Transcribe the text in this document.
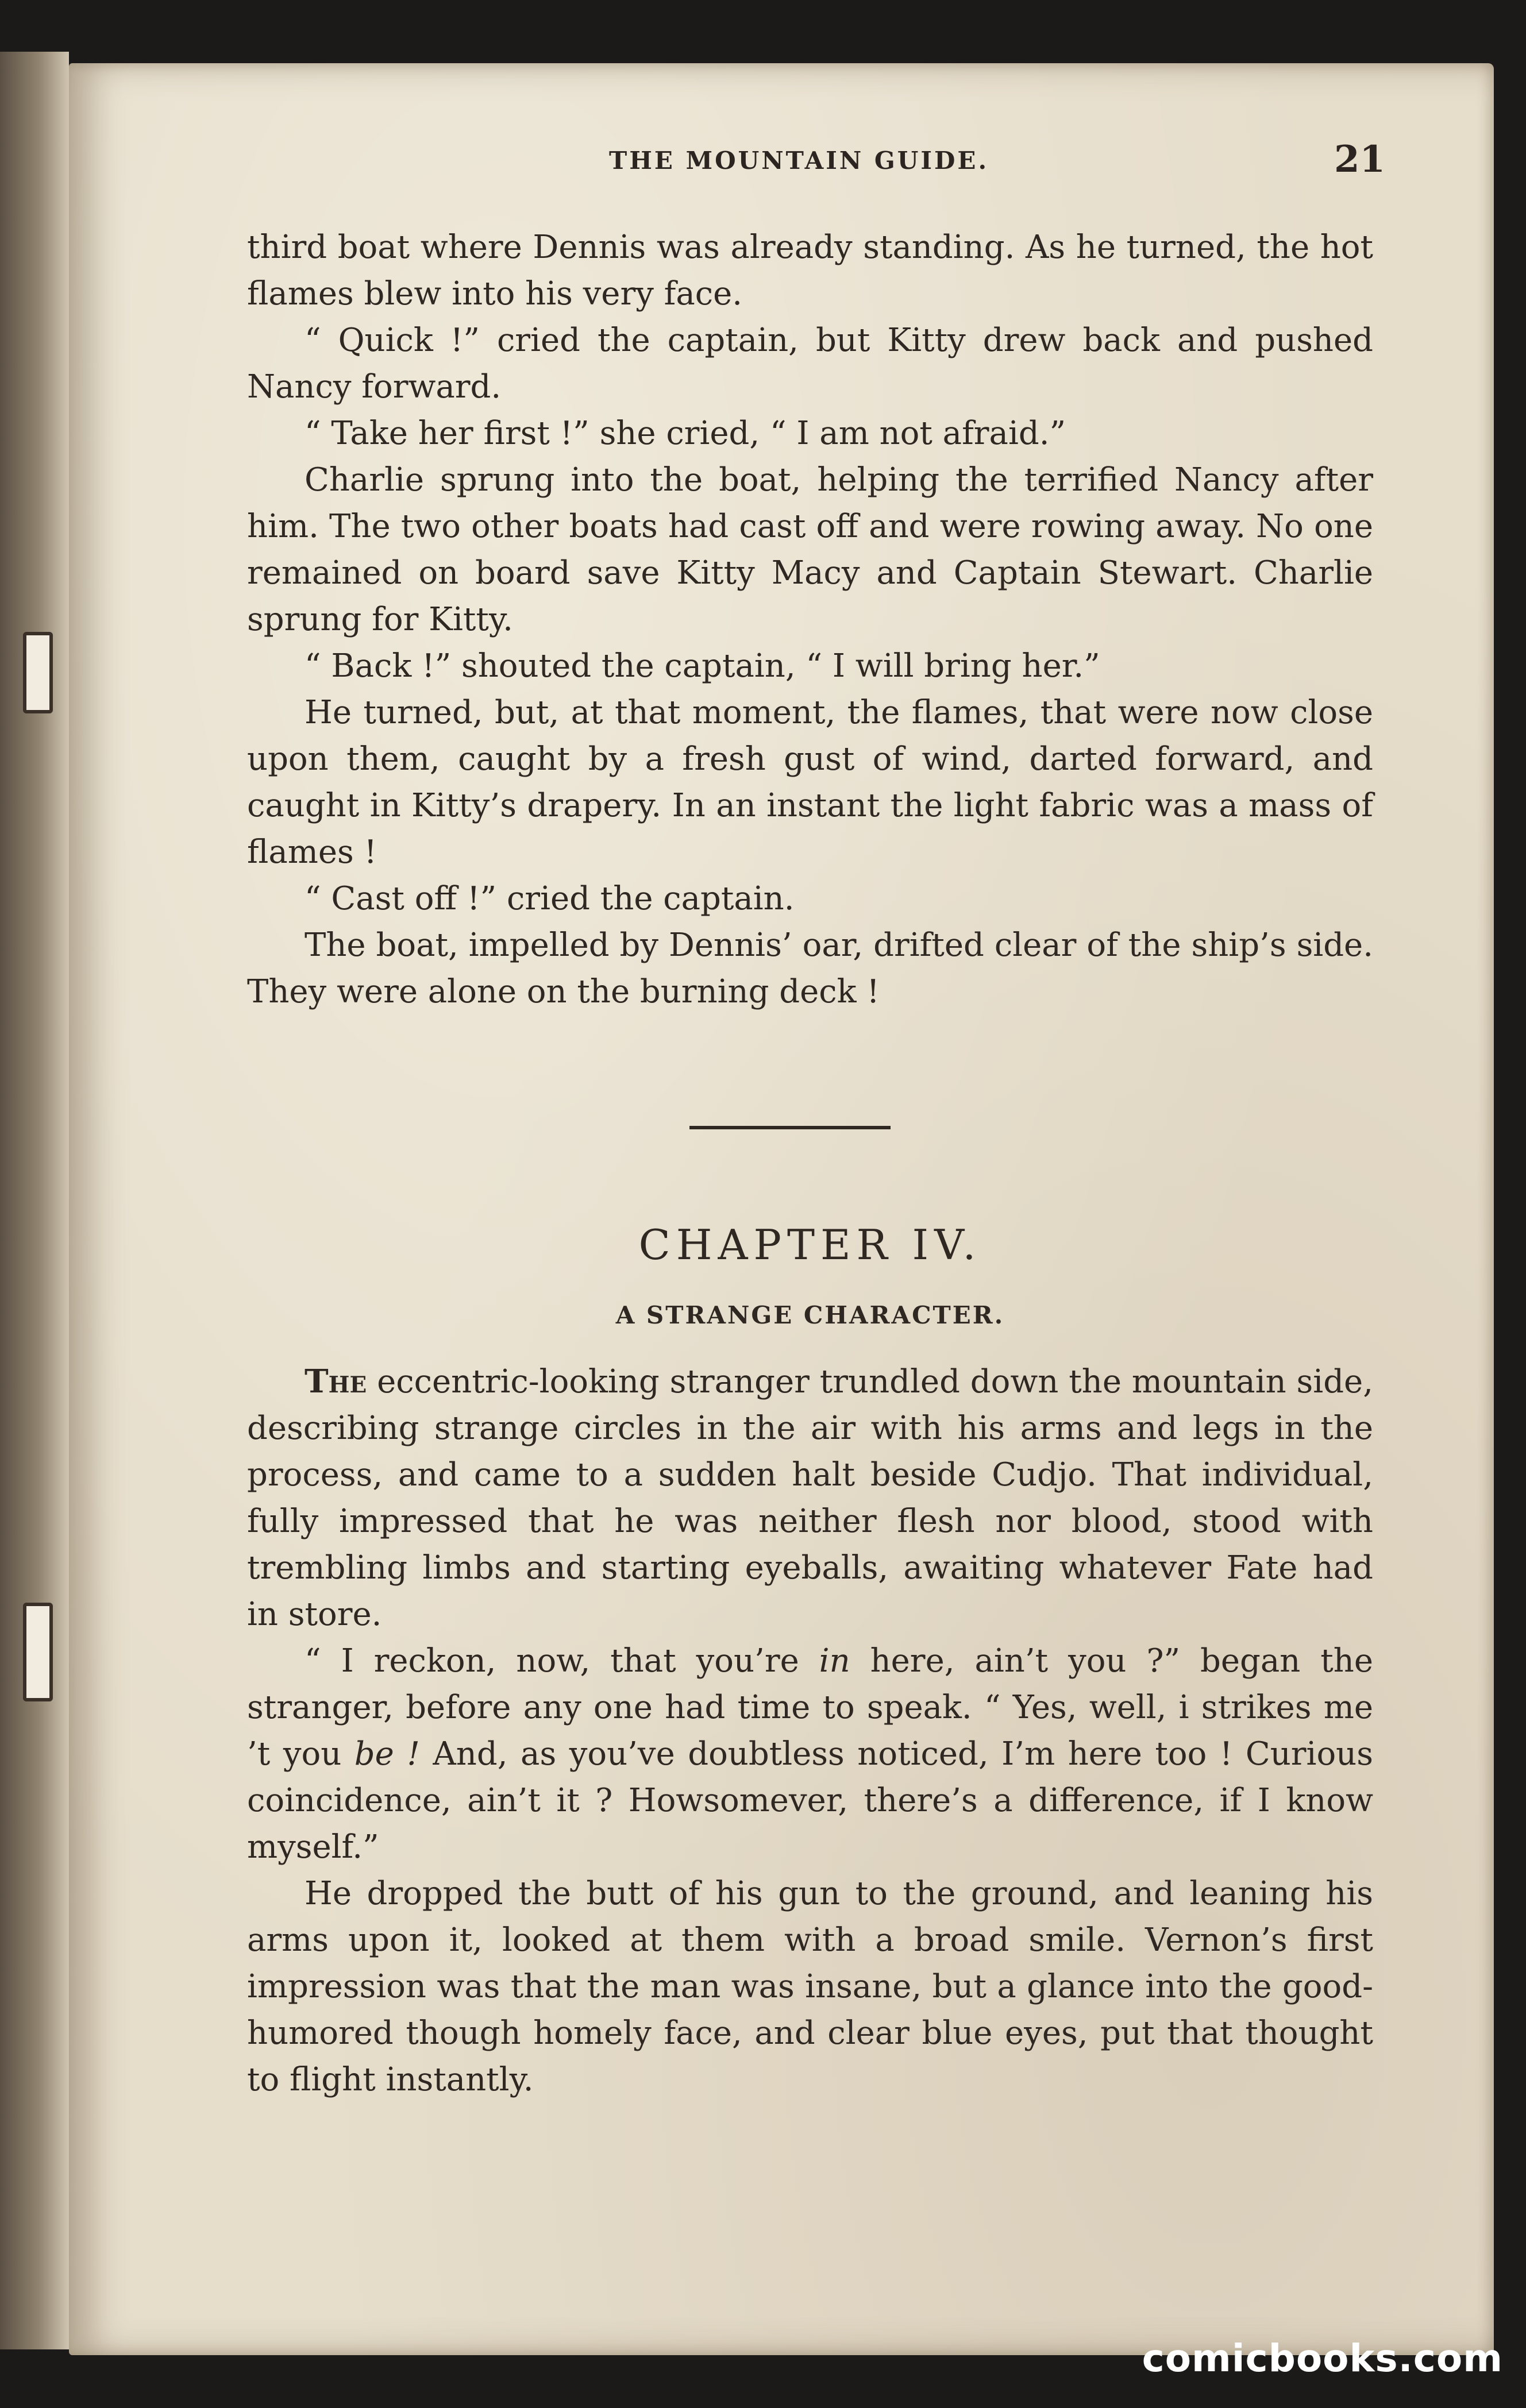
THE MOUNTAIN GUIDE.	21

third boat where Dennis was already standing. As he turned, the hot flames blew into his very face.

“ Quick !” cried the captain, but Kitty drew back and pushed Nancy forward.

“ Take her first !” she cried, “ I am not afraid.”

Charlie sprung into the boat, helping the terrified Nancy after him. The two other boats had cast off and were rowing away. No one remained on board save Kitty Macy and Captain Stewart. Charlie sprung for Kitty.

“ Back !” shouted the captain, “ I will bring her.”

He turned, but, at that moment, the flames, that were now close upon them, caught by a fresh gust of wind, darted forward, and caught in Kitty’s drapery. In an instant the light fabric was a mass of flames !

“ Cast off !” cried the captain.

The boat, impelled by Dennis’ oar, drifted clear of the ship’s side. They were alone on the burning deck !

CHAPTER IV.
A STRANGE CHARACTER.

The eccentric-looking stranger trundled down the mountain side, describing strange circles in the air with his arms and legs in the process, and came to a sudden halt beside Cudjo. That individual, fully impressed that he was neither flesh nor blood, stood with trembling limbs and starting eyeballs, awaiting whatever Fate had in store.

“ I reckon, now, that you’re in here, ain’t you ?” began the stranger, before any one had time to speak. “ Yes, well, i strikes me ’t you be ! And, as you’ve doubtless noticed, I’m here too ! Curious coincidence, ain’t it ? Howsomever, there’s a difference, if I know myself.”

He dropped the butt of his gun to the ground, and leaning his arms upon it, looked at them with a broad smile. Vernon’s first impression was that the man was insane, but a glance into the good-humored though homely face, and clear blue eyes, put that thought to flight instantly.

comicbooks.com
